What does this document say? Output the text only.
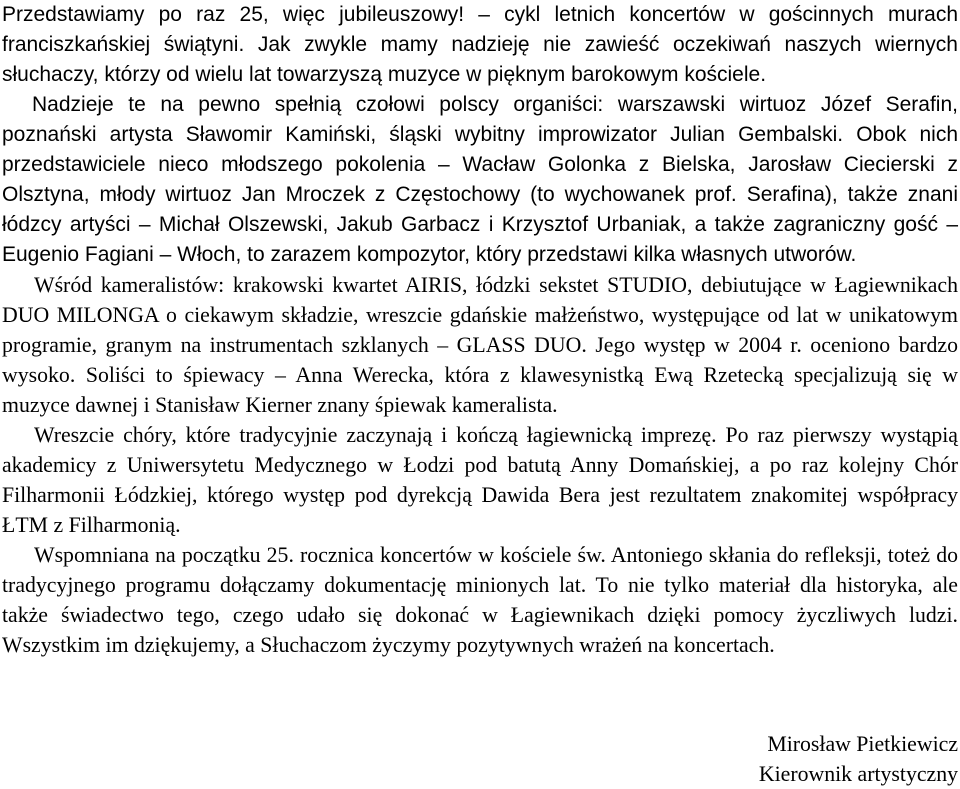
Przedstawiamy po raz 25, więc jubileuszowy! – cykl letnich koncertów w gościnnych murach franciszkańskiej świątyni. Jak zwykle mamy nadzieję nie zawieść oczekiwań naszych wiernych słuchaczy, którzy od wielu lat towarzyszą muzyce w pięknym barokowym kościele.

Nadzieje te na pewno spełnią czołowi polscy organiści: warszawski wirtuoz Józef Serafin, poznański artysta Sławomir Kamiński, śląski wybitny improwizator Julian Gembalski. Obok nich przedstawiciele nieco młodszego pokolenia – Wacław Golonka z Bielska, Jarosław Ciecierski z Olsztyna, młody wirtuoz Jan Mroczek z Częstochowy (to wychowanek prof. Serafina), także znani łódzcy artyści – Michał Olszewski, Jakub Garbacz i Krzysztof Urbaniak, a także zagraniczny gość – Eugenio Fagiani – Włoch, to zarazem kompozytor, który przedstawi kilka własnych utworów.

Wśród kameralistów: krakowski kwartet AIRIS, łódzki sekstet STUDIO, debiutujące w Łagiewnikach DUO MILONGA o ciekawym składzie, wreszcie gdańskie małżeństwo, występujące od lat w unikatowym programie, granym na instrumentach szklanych – GLASS DUO. Jego występ w 2004 r. oceniono bardzo wysoko. Soliści to śpiewacy – Anna Werecka, która z klawesynistką Ewą Rzetecką specjalizują się w muzyce dawnej i Stanisław Kierner znany śpiewak kameralista.

Wreszcie chóry, które tradycyjnie zaczynają i kończą łagiewnicką imprezę. Po raz pierwszy wystąpią akademicy z Uniwersytetu Medycznego w Łodzi pod batutą Anny Domańskiej, a po raz kolejny Chór Filharmonii Łódzkiej, którego występ pod dyrekcją Dawida Bera jest rezultatem znakomitej współpracy ŁTM z Filharmonią.

Wspomniana na początku 25. rocznica koncertów w kościele św. Antoniego skłania do refleksji, toteż do tradycyjnego programu dołączamy dokumentację minionych lat. To nie tylko materiał dla historyka, ale także świadectwo tego, czego udało się dokonać w Łagiewnikach dzięki pomocy życzliwych ludzi. Wszystkim im dziękujemy, a Słuchaczom życzymy pozytywnych wrażeń na koncertach.

Mirosław Pietkiewicz
Kierownik artystyczny
